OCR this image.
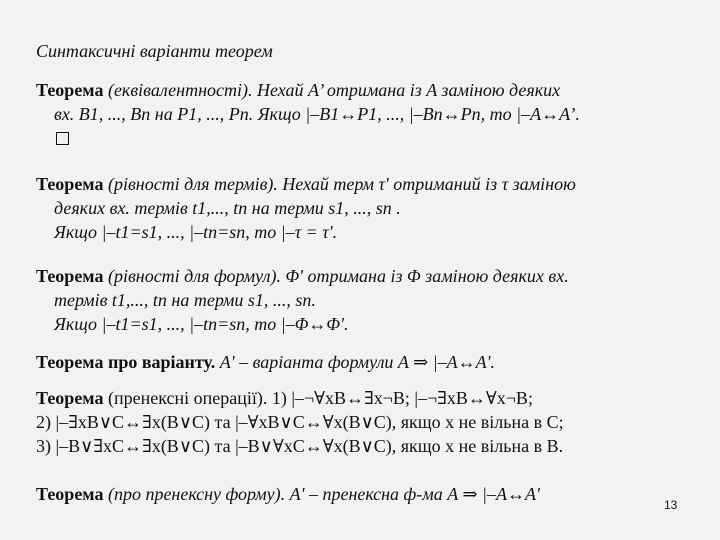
Синтаксичні варіанти теорем
Теорема (еквівалентності). Нехай A’ отримана із A заміною деяких
вх. B1, ..., Bn на P1, ..., Pn. Якщо |–B1↔P1, ..., |–Bn↔Pn, то |–A↔A’.
Теорема (рівності для термів). Нехай терм τ' отриманий із τ заміною
деяких вх. термів t1,..., tn на терми s1, ..., sn .
Якщо |–t1=s1, ..., |–tn=sn, то |–τ = τ'.
Теорема (рівності для формул). Φ' отримана із Φ заміною деяких вх.
термів t1,..., tn на терми s1, ..., sn.
Якщо |–t1=s1, ..., |–tn=sn, то |–Φ↔Φ'.
Теорема про варіанту. A' – варіанта формули A ⇒ |–A↔A'.
Теорема (пренексні операції). 1) |–¬∀xB↔∃x¬B; |–¬∃xB↔∀x¬B;
2) |–∃xB∨C↔∃x(B∨C) та |–∀xB∨C↔∀x(B∨C), якщо x не вільна в C;
3) |–B∨∃xC↔∃x(B∨C) та |–B∨∀xC↔∀x(B∨C), якщо x не вільна в B.
Теорема (про пренексну форму). A' – пренексна ф-ма A ⇒ |–A↔A'
13
